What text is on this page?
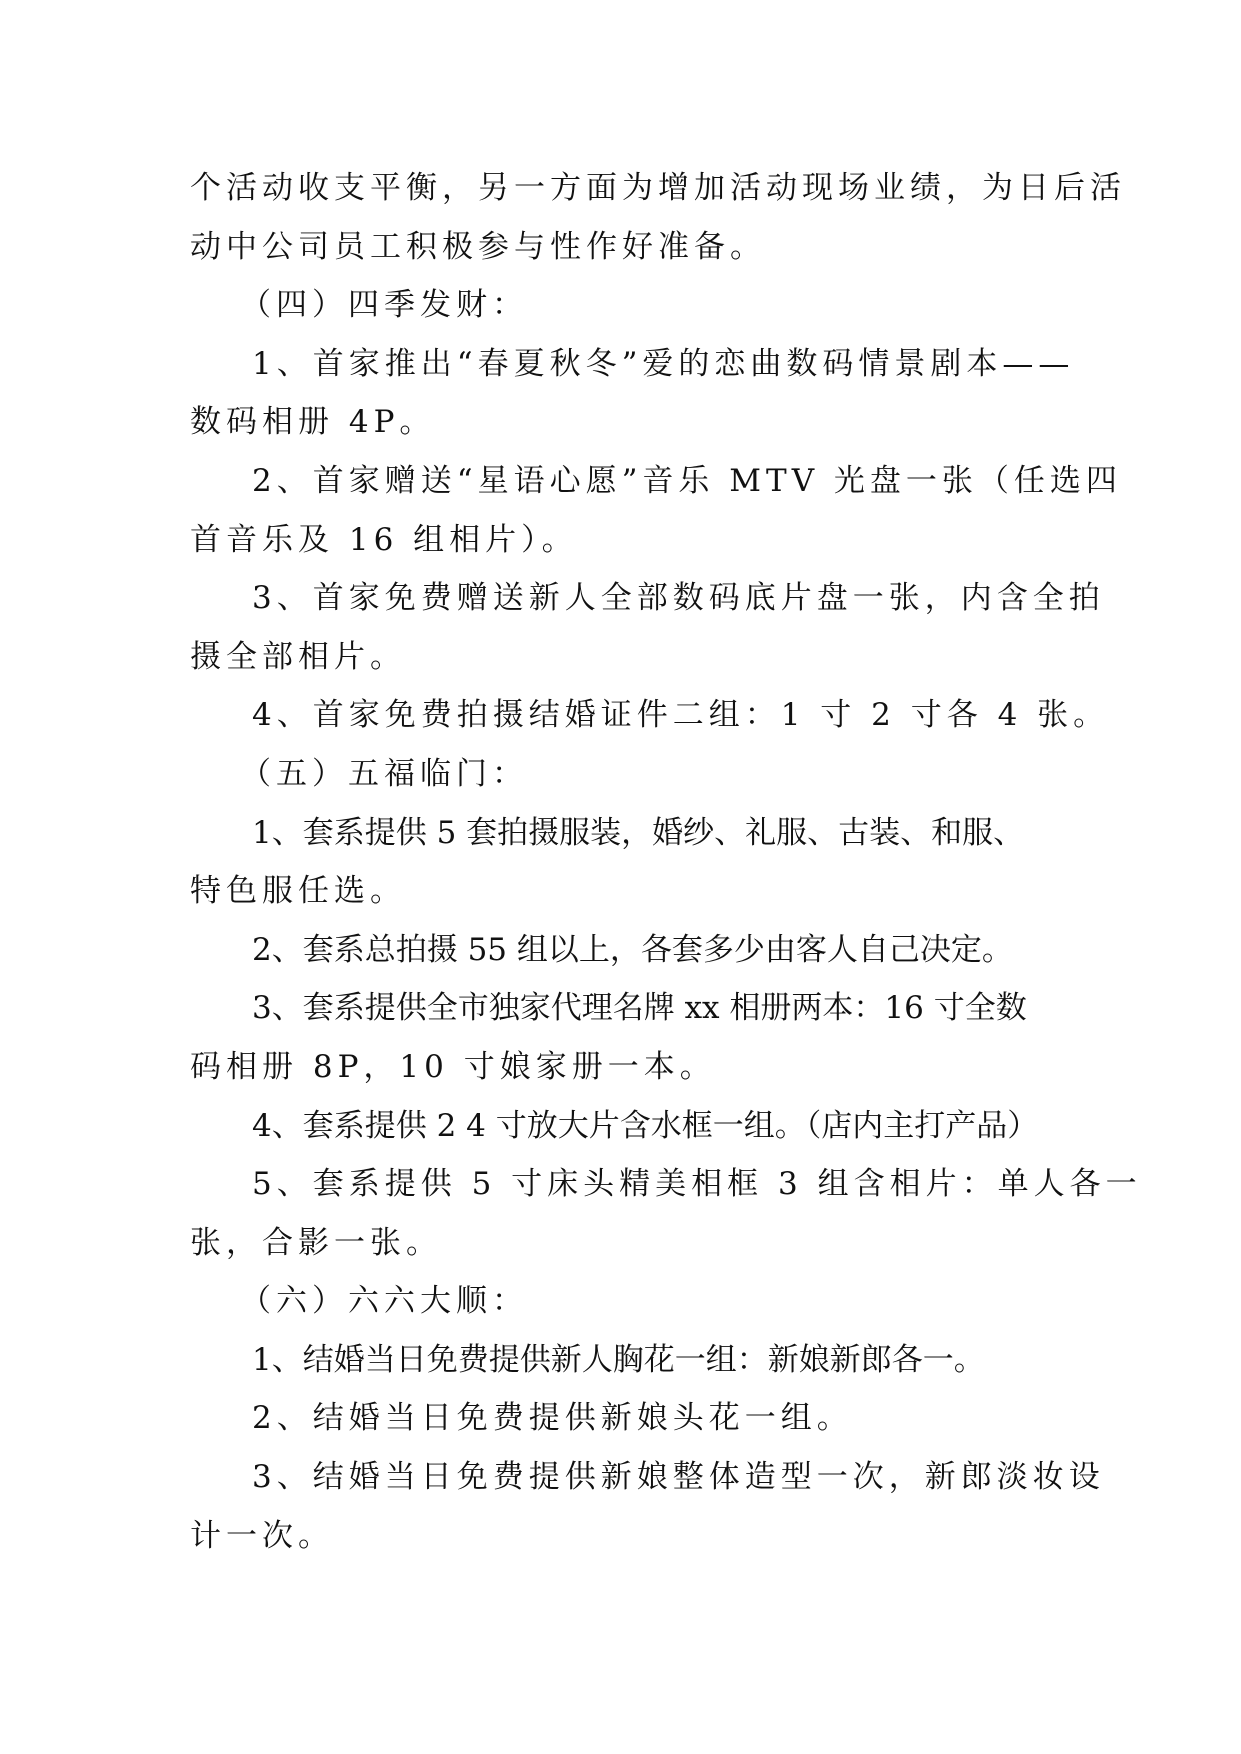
个活动收支平衡，另一方面为增加活动现场业绩，为日后活
动中公司员工积极参与性作好准备。
（四）四季发财：
1、首家推出“春夏秋冬”爱的恋曲数码情景剧本——
数码相册 4P。
2、首家赠送“星语心愿”音乐 MTV 光盘一张（任选四
首音乐及 16 组相片）。
3、首家免费赠送新人全部数码底片盘一张，内含全拍
摄全部相片。
4、首家免费拍摄结婚证件二组：1 寸 2 寸各 4 张。
（五）五福临门：
1、套系提供 5 套拍摄服装，婚纱、礼服、古装、和服、
特色服任选。
2、套系总拍摄 55 组以上，各套多少由客人自己决定。
3、套系提供全市独家代理名牌 xx 相册两本：16 寸全数
码相册 8P，10 寸娘家册一本。
4、套系提供 2 4 寸放大片含水框一组。（店内主打产品）
5、套系提供 5 寸床头精美相框 3 组含相片：单人各一
张，合影一张。
（六）六六大顺：
1、结婚当日免费提供新人胸花一组：新娘新郎各一。
2、结婚当日免费提供新娘头花一组。
3、结婚当日免费提供新娘整体造型一次，新郎淡妆设
计一次。
